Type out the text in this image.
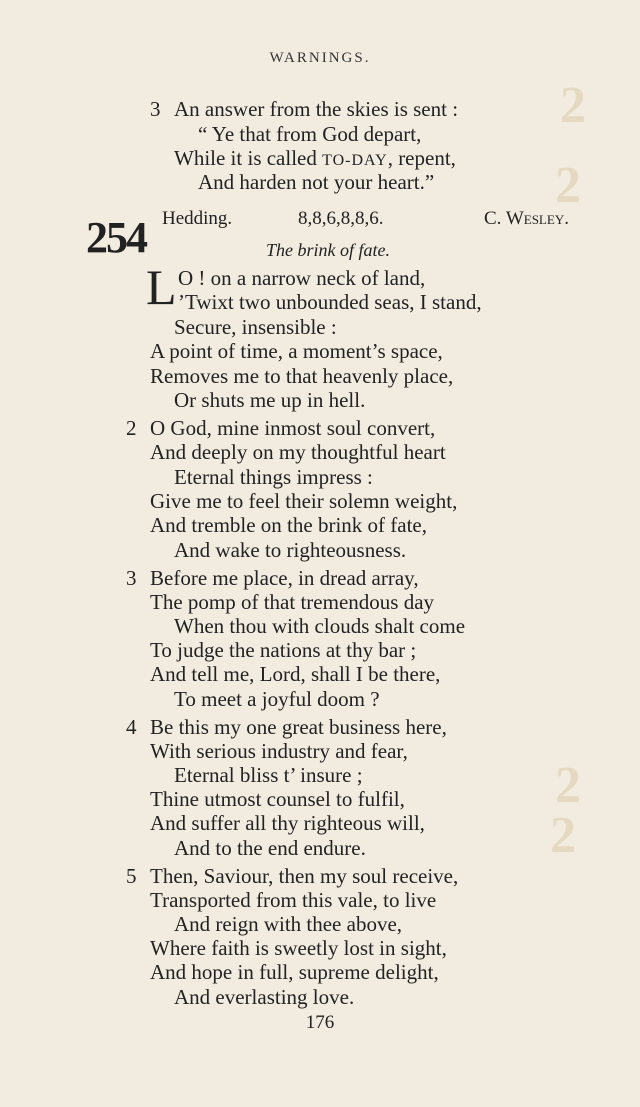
2
2
2
2
WARNINGS.
3 An answer from the skies is sent :
“ Ye that from God depart,
While it is called TO-DAY, repent,
And harden not your heart.”
254 Hedding.	8,8,6,8,8,6.	C. Wesley.
The brink of fate.
L O ! on a narrow neck of land,
’Twixt two unbounded seas, I stand,
Secure, insensible :
A point of time, a moment’s space,
Removes me to that heavenly place,
Or shuts me up in hell.
2 O God, mine inmost soul convert,
And deeply on my thoughtful heart
Eternal things impress :
Give me to feel their solemn weight,
And tremble on the brink of fate,
And wake to righteousness.
3 Before me place, in dread array,
The pomp of that tremendous day
When thou with clouds shalt come
To judge the nations at thy bar ;
And tell me, Lord, shall I be there,
To meet a joyful doom ?
4 Be this my one great business here,
With serious industry and fear,
Eternal bliss t’ insure ;
Thine utmost counsel to fulfil,
And suffer all thy righteous will,
And to the end endure.
5 Then, Saviour, then my soul receive,
Transported from this vale, to live
And reign with thee above,
Where faith is sweetly lost in sight,
And hope in full, supreme delight,
And everlasting love.
176
